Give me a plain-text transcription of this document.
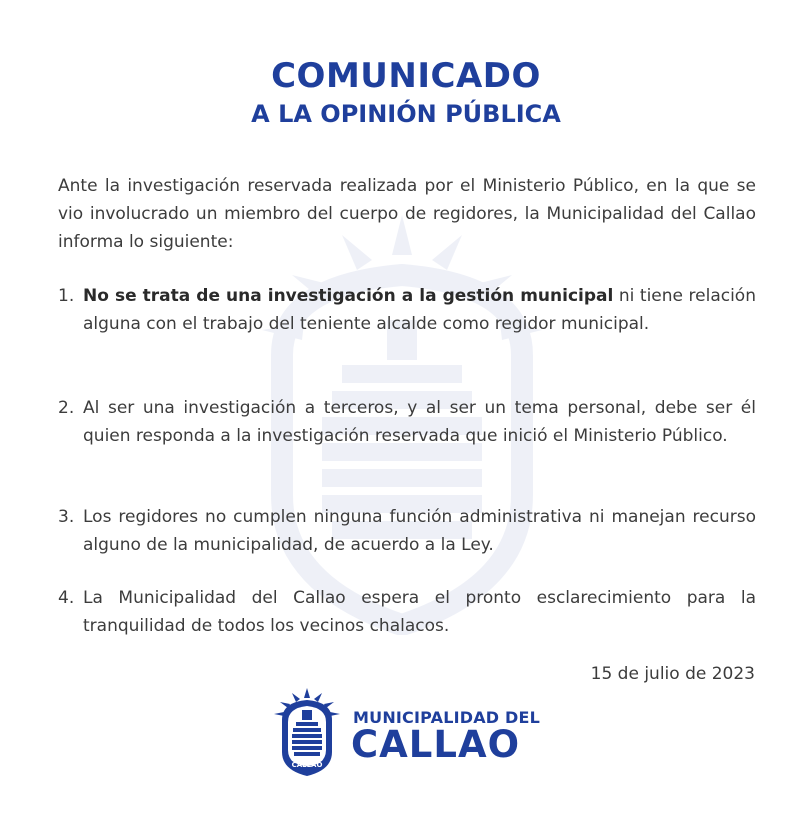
COMUNICADO
A LA OPINIÓN PÚBLICA
Ante la investigación reservada realizada por el Ministerio Público, en la que se vio involucrado un miembro del cuerpo de regidores, la Municipalidad del Callao informa lo siguiente:
1. No se trata de una investigación a la gestión municipal ni tiene relación alguna con el trabajo del teniente alcalde como regidor municipal.
2. Al ser una investigación a terceros, y al ser un tema personal, debe ser él quien responda a la investigación reservada que inició el Ministerio Público.
3. Los regidores no cumplen ninguna función administrativa ni manejan recurso alguno de la municipalidad, de acuerdo a la Ley.
4. La Municipalidad del Callao espera el pronto esclarecimiento para la tranquilidad de todos los vecinos chalacos.
15 de julio de 2023
CALLAO
MUNICIPALIDAD DEL
CALLAO
